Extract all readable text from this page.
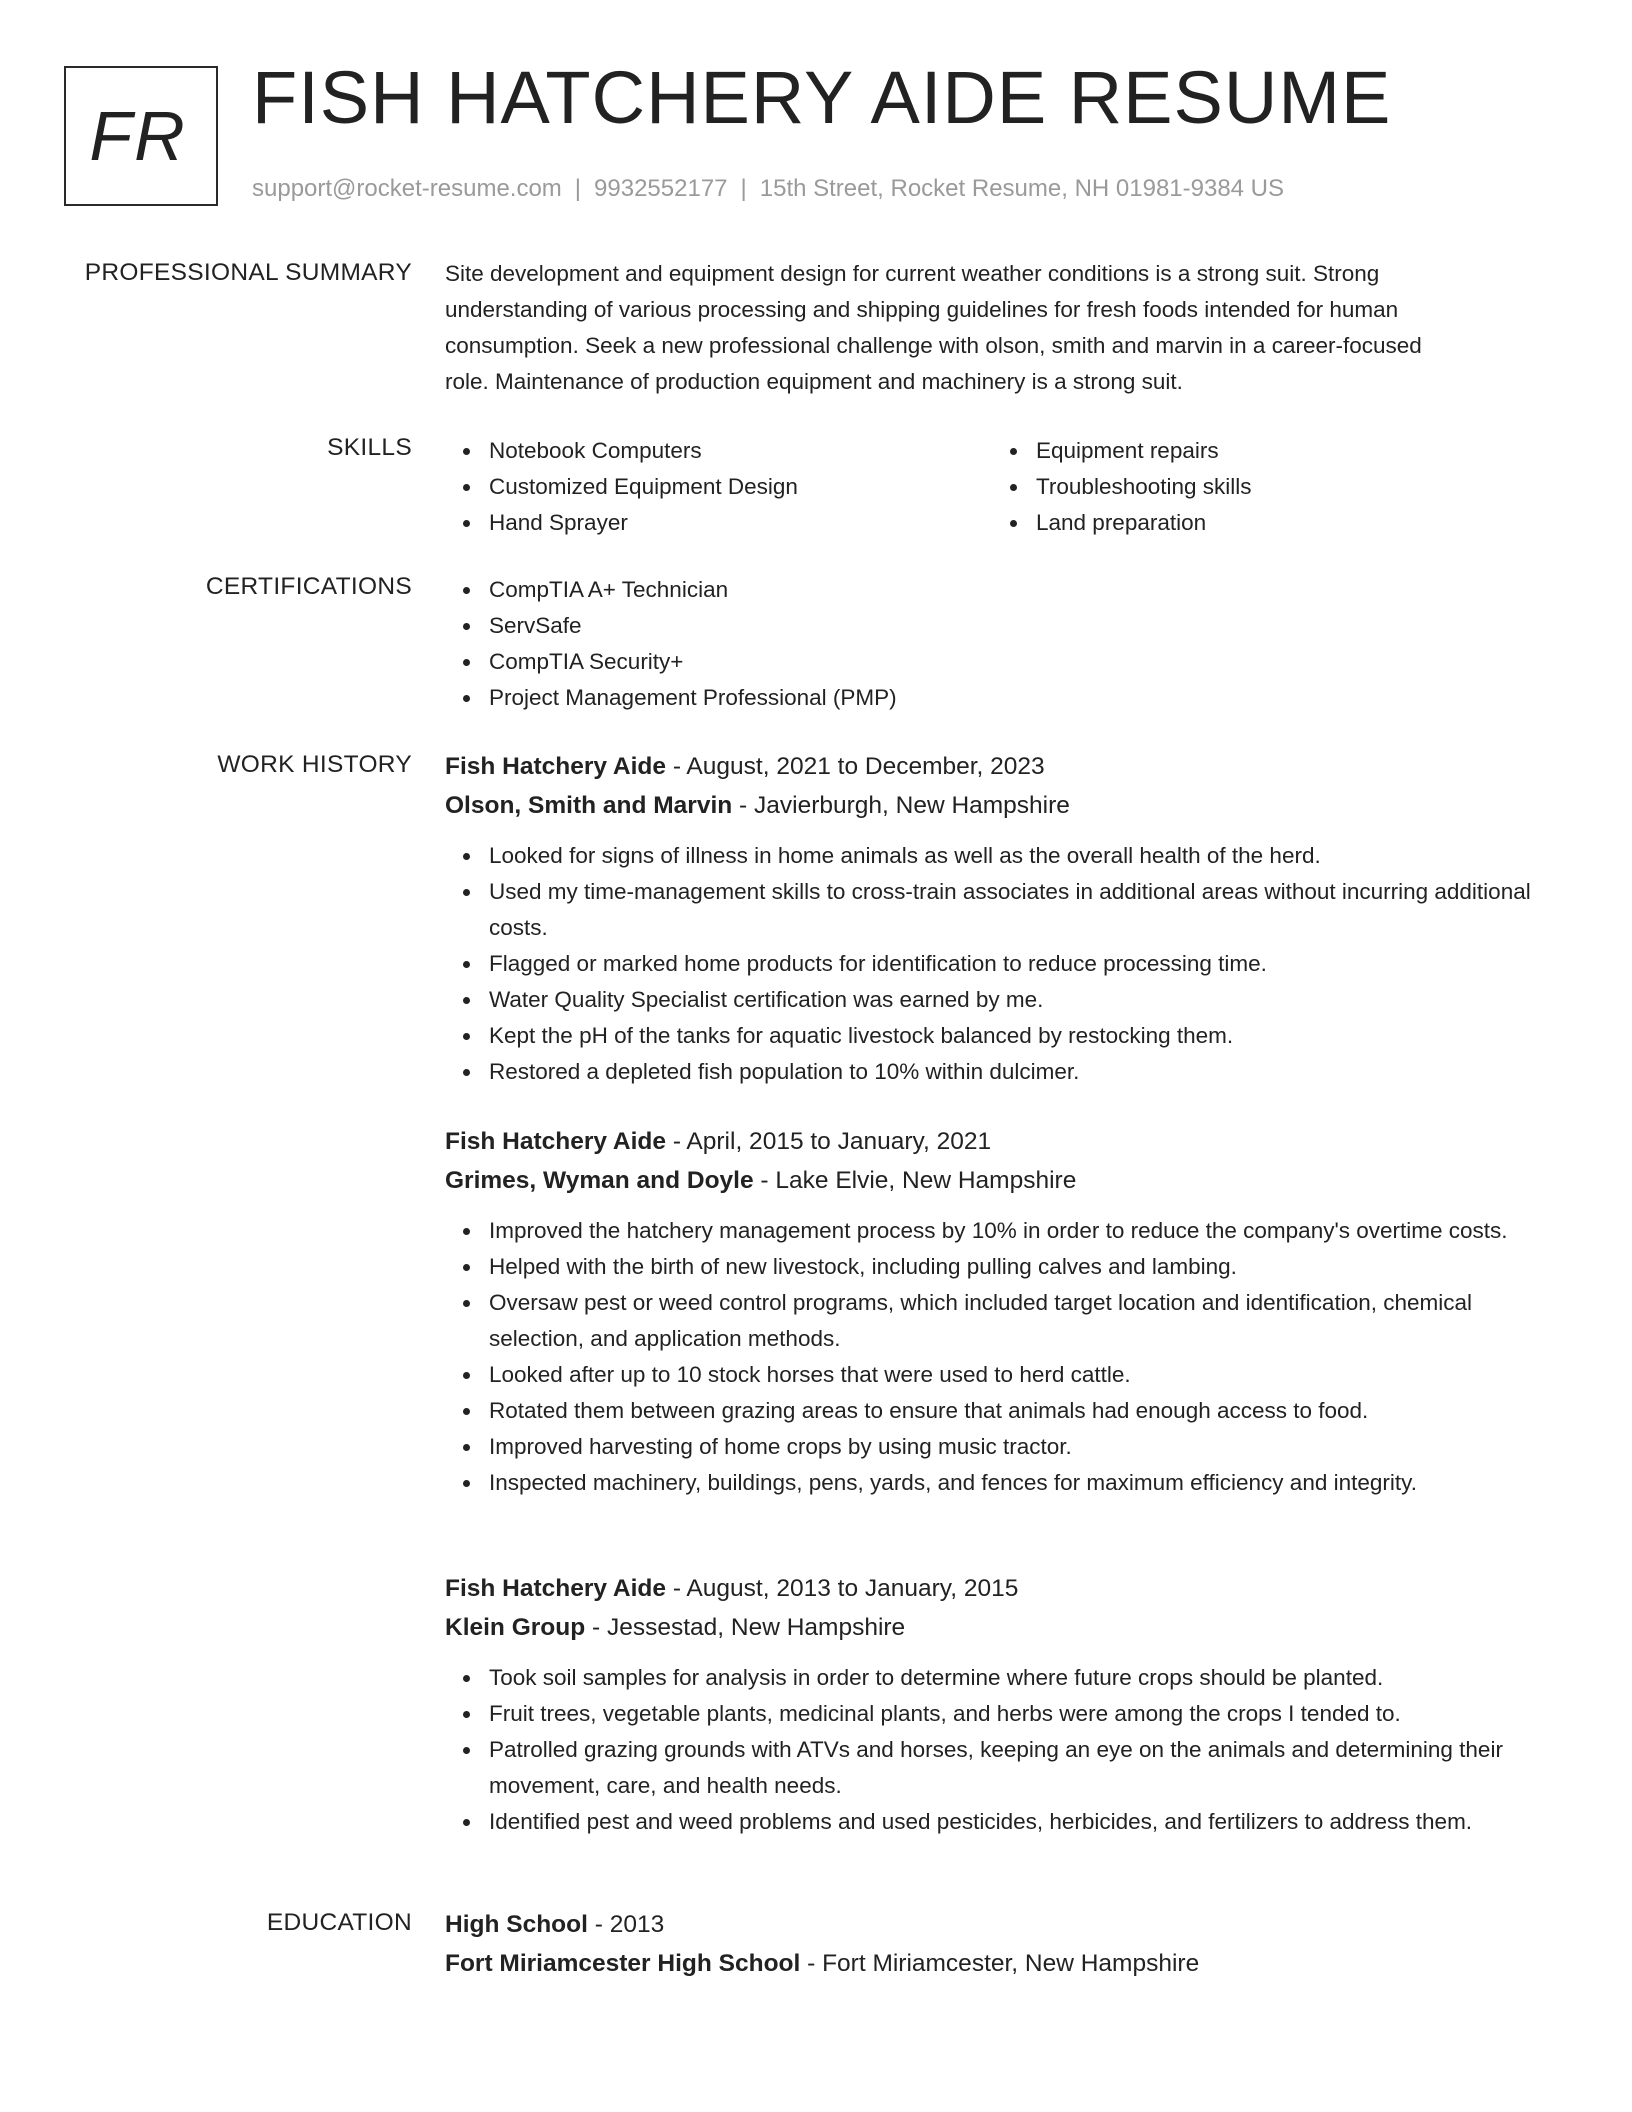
FR FISH HATCHERY AIDE RESUME
support@rocket-resume.com | 9932552177 | 15th Street, Rocket Resume, NH 01981-9384 US
PROFESSIONAL SUMMARY Site development and equipment design for current weather conditions is a strong suit. Strong

understanding of various processing and shipping guidelines for fresh foods intended for human

consumption. Seek a new professional challenge with olson, smith and marvin in a career-focused

role. Maintenance of production equipment and machinery is a strong suit.

SKILLS	Notebook Computers
Customized Equipment Design
Hand Sprayer
Equipment repairs
Troubleshooting skills
Land preparation
CERTIFICATIONS	CompTIA A+ Technician
ServSafe
CompTIA Security+
Project Management Professional (PMP)
WORK HISTORY Fish Hatchery Aide - August, 2021 to December, 2023
Olson, Smith and Marvin - Javierburgh, New Hampshire
Looked for signs of illness in home animals as well as the overall health of the herd.
Used my time-management skills to cross-train associates in additional areas without incurring additional costs.
Flagged or marked home products for identification to reduce processing time.
Water Quality Specialist certification was earned by me.
Kept the pH of the tanks for aquatic livestock balanced by restocking them.
Restored a depleted fish population to 10% within dulcimer.
Fish Hatchery Aide - April, 2015 to January, 2021
Grimes, Wyman and Doyle - Lake Elvie, New Hampshire
Improved the hatchery management process by 10% in order to reduce the company's overtime costs.
Helped with the birth of new livestock, including pulling calves and lambing.
Oversaw pest or weed control programs, which included target location and identification, chemical selection, and application methods.
Looked after up to 10 stock horses that were used to herd cattle.
Rotated them between grazing areas to ensure that animals had enough access to food.
Improved harvesting of home crops by using music tractor.
Inspected machinery, buildings, pens, yards, and fences for maximum efficiency and integrity.
Fish Hatchery Aide - August, 2013 to January, 2015
Klein Group - Jessestad, New Hampshire
Took soil samples for analysis in order to determine where future crops should be planted.
Fruit trees, vegetable plants, medicinal plants, and herbs were among the crops I tended to.
Patrolled grazing grounds with ATVs and horses, keeping an eye on the animals and determining their movement, care, and health needs.
Identified pest and weed problems and used pesticides, herbicides, and fertilizers to address them.
EDUCATION High School - 2013
Fort Miriamcester High School - Fort Miriamcester, New Hampshire
